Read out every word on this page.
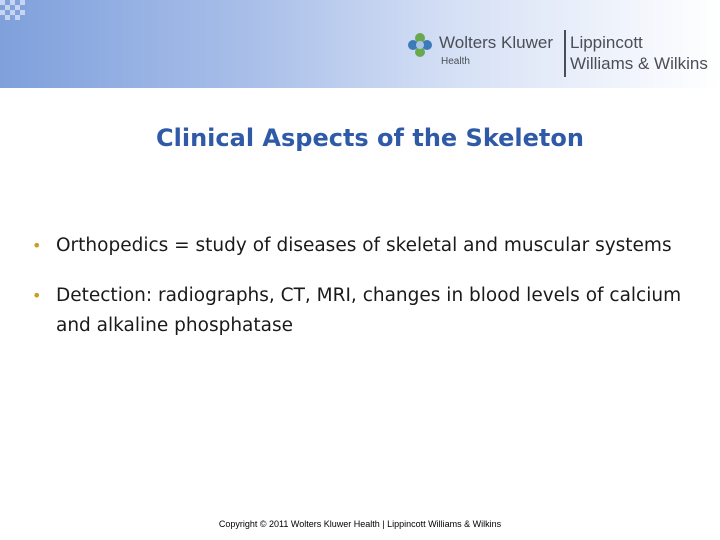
Wolters Kluwer
Health
Lippincott
Williams & Wilkins
Clinical Aspects of the Skeleton
• Orthopedics = study of diseases of skeletal and muscular systems
• Detection: radiographs, CT, MRI, changes in blood levels of calcium and alkaline phosphatase
Copyright © 2011 Wolters Kluwer Health | Lippincott Williams & Wilkins
